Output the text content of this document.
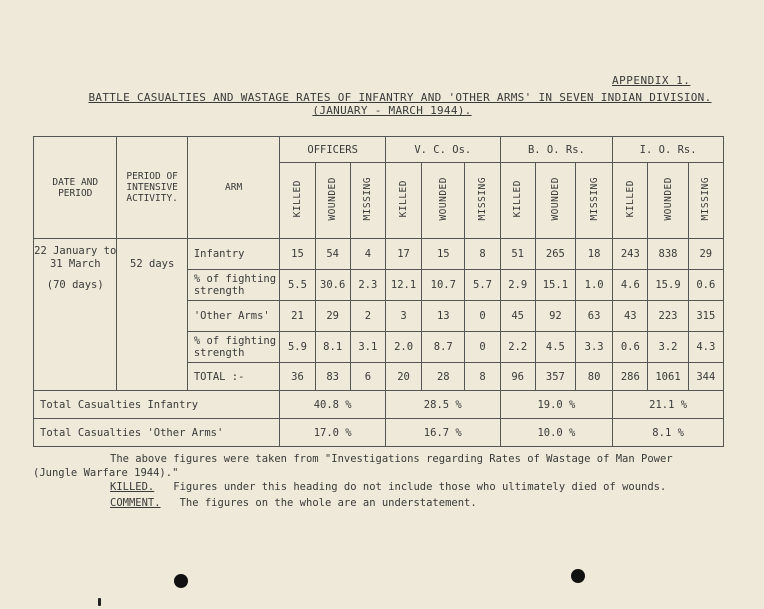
APPENDIX 1.
BATTLE CASUALTIES AND WASTAGE RATES OF INFANTRY AND 'OTHER ARMS' IN SEVEN INDIAN DIVISION.
(JANUARY - MARCH 1944).
DATE AND PERIOD	PERIOD OF INTENSIVE ACTIVITY.	ARM	OFFICERS			V. C. Os.			B. O. Rs.			I. O. Rs.		
			KILLED	WOUNDED	MISSING	KILLED	WOUNDED	MISSING	KILLED	WOUNDED	MISSING	KILLED	WOUNDED	MISSING

22 January to 31 March
(70 days)	52 days	Infantry	15	54	4	17	15	8	51	265	18	243	838	29
		% of fighting strength	5.5	30.6	2.3	12.1	10.7	5.7	2.9	15.1	1.0	4.6	15.9	0.6
		'Other Arms'	21	29	2	3	13	0	45	92	63	43	223	315
		% of fighting strength	5.9	8.1	3.1	2.0	8.7	0	2.2	4.5	3.3	0.6	3.2	4.3
		TOTAL :-	36	83	6	20	28	8	96	357	80	286	1061	344
Total Casualties Infantry			40.8 %			28.5 %			19.0 %			21.1 %		
Total Casualties 'Other Arms'			17.0 %			16.7 %			10.0 %			8.1 %		

The above figures were taken from "Investigations regarding Rates of Wastage of Man Power

(Jungle Warfare 1944)."

KILLED. Figures under this heading do not include those who ultimately died of wounds.

COMMENT. The figures on the whole are an understatement.
